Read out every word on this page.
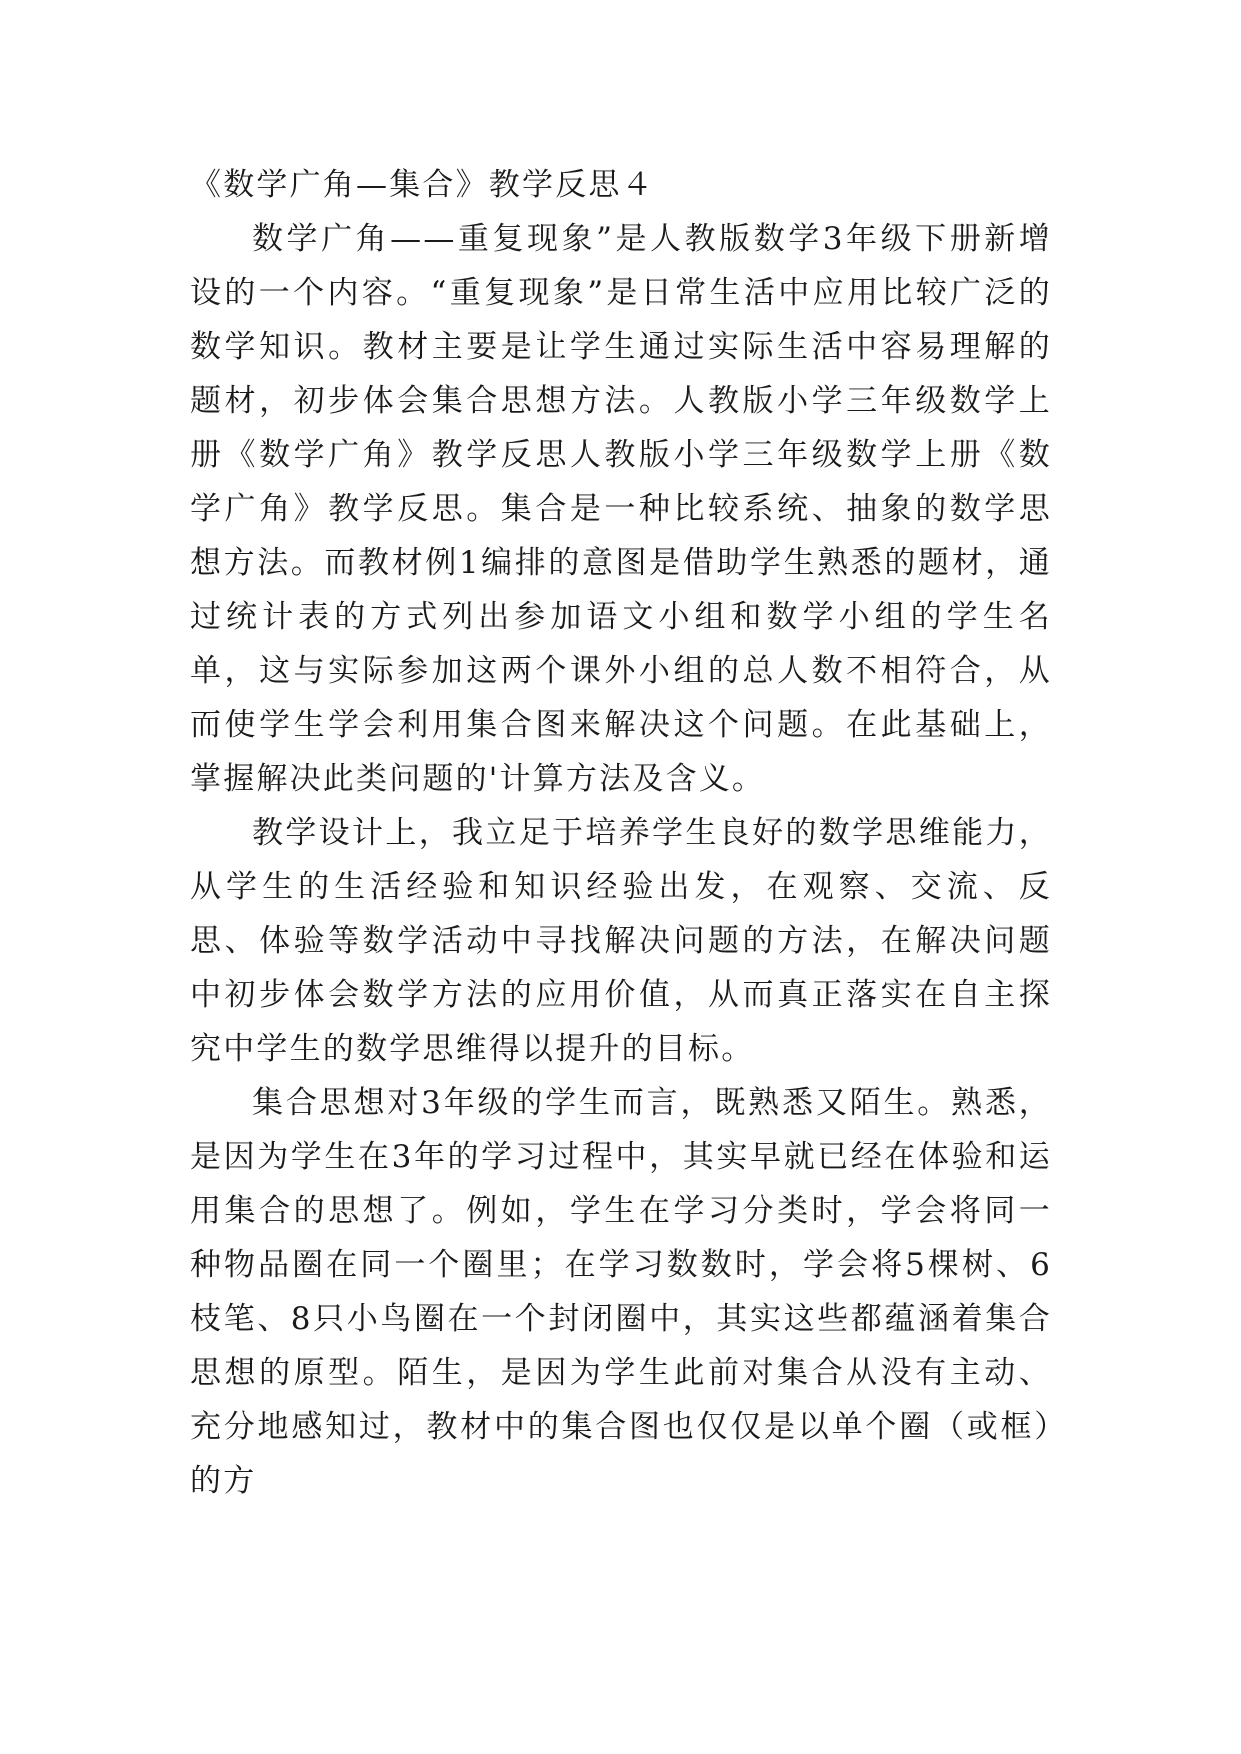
《数学广角—集合》教学反思４

数学广角——重复现象”是人教版数学3年级下册新增设的一个内容。“重复现象”是日常生活中应用比较广泛的数学知识。教材主要是让学生通过实际生活中容易理解的题材，初步体会集合思想方法。人教版小学三年级数学上册《数学广角》教学反思人教版小学三年级数学上册《数学广角》教学反思。集合是一种比较系统、抽象的数学思想方法。而教材例1编排的意图是借助学生熟悉的题材，通过统计表的方式列出参加语文小组和数学小组的学生名单，这与实际参加这两个课外小组的总人数不相符合，从而使学生学会利用集合图来解决这个问题。在此基础上，掌握解决此类问题的'计算方法及含义。

教学设计上，我立足于培养学生良好的数学思维能力，从学生的生活经验和知识经验出发，在观察、交流、反思、体验等数学活动中寻找解决问题的方法，在解决问题中初步体会数学方法的应用价值，从而真正落实在自主探究中学生的数学思维得以提升的目标。

集合思想对3年级的学生而言，既熟悉又陌生。熟悉，是因为学生在3年的学习过程中，其实早就已经在体验和运用集合的思想了。例如，学生在学习分类时，学会将同一种物品圈在同一个圈里；在学习数数时，学会将5棵树、6枝笔、8只小鸟圈在一个封闭圈中，其实这些都蕴涵着集合思想的原型。陌生，是因为学生此前对集合从没有主动、充分地感知过，教材中的集合图也仅仅是以单个圈（或框）的方
